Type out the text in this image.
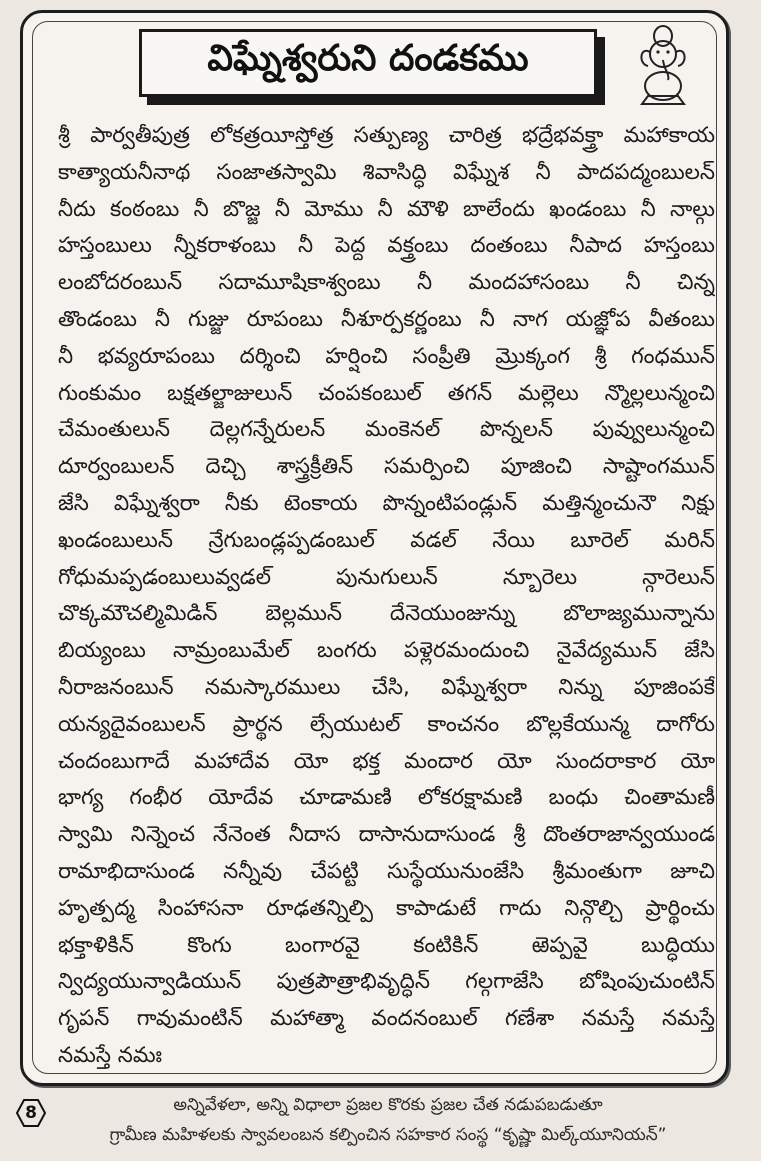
విఘ్నేశ్వరుని దండకము
శ్రీ పార్వతీపుత్ర లోకత్రయీస్తోత్ర సత్పుణ్య చారిత్ర భద్రేభవక్త్రా మహాకాయ
కాత్యాయనీనాథ సంజాతస్వామి శివాసిద్ధి విఘ్నేశ నీ పాదపద్మంబులన్
నీదు కంఠంబు నీ బొజ్జ నీ మోము నీ మౌళి బాలేందు ఖండంబు నీ నాల్గు
హస్తంబులు న్నీకరాళంబు నీ పెద్ద వక్త్రంబు దంతంబు నీపాద హస్తంబు
లంబోదరంబున్ సదామూషికాశ్వంబు నీ మందహాసంబు నీ చిన్న
తొండంబు నీ గుజ్జు రూపంబు నీశూర్పకర్ణంబు నీ నాగ యజ్ఞోప వీతంబు
నీ భవ్యరూపంబు దర్శించి హర్షించి సంప్రీతి మ్రొక్కంగ శ్రీ గంధమున్
గుంకుమం బక్షతల్జాజులున్ చంపకంబుల్ తగన్ మల్లెలు న్మొల్లలున్మంచి
చేమంతులున్ దెల్లగన్నేరులన్ మంకెనల్ పొన్నలన్ పువ్వులున్మంచి
దూర్వంబులన్ దెచ్చి శాస్త్రక్రీతిన్ సమర్పించి పూజించి సాష్టాంగమున్
జేసి విఘ్నేశ్వరా నీకు టెంకాయ పొన్నంటిపండ్లున్ మత్తిన్మంచునౌ నిక్షు
ఖండంబులున్ న్రేగుబండ్లప్పడంబుల్ వడల్ నేయి బూరెల్ మరిన్
గోధుమప్పడంబులువ్వడల్ పునుగులున్ న్బూరెలు న్గారెలున్
చొక్కమౌచల్మిమిడిన్ బెల్లమున్ దేనెయుంజున్ను బొలాజ్యమున్నాను
బియ్యంబు నామ్రంబుమేల్ బంగరు పళ్లెరమందుంచి నైవేద్యమున్ జేసి
నీరాజనంబున్ నమస్కారములు చేసి, విఘ్నేశ్వరా నిన్ను పూజింపకే
యన్యదైవంబులన్ ప్రార్థన ల్సేయుటల్ కాంచనం బొల్లకేయున్మ దాగోరు
చందంబుగాదే మహాదేవ యో భక్త మందార యో సుందరాకార యో
భాగ్య గంభీర యోదేవ చూడామణి లోకరక్షామణి బంధు చింతామణీ
స్వామి నిన్నెంచ నేనెంత నీదాస దాసానుదాసుండ శ్రీ దొంతరాజాన్వయుండ
రామాభిదాసుండ నన్నీవు చేపట్టి సుస్థేయునుంజేసి శ్రీమంతుగా జూచి
హృత్పద్మ సింహాసనా రూఢతన్నిల్పి కాపాడుటే గాదు నిన్గొల్చి ప్రార్థించు
భక్తాళికిన్ కొంగు బంగారవై కంటికిన్ ఱెప్పవై బుద్ధియు
న్విద్యయున్వాడియున్ పుత్రపౌత్రాభివృద్ధిన్ గల్గగాజేసి బోషింపుచుంటిన్
గృపన్ గావుమంటిన్ మహాత్మా వందనంబుల్ గణేశా నమస్తే నమస్తే
నమస్తే నమః
8	అన్నివేళలా, అన్ని విధాలా ప్రజల కొరకు ప్రజల చేత నడుపబడుతూ
గ్రామీణ మహిళలకు స్వావలంబన కల్పించిన సహకార సంస్థ “కృష్ణా మిల్క్‌యూనియన్”
